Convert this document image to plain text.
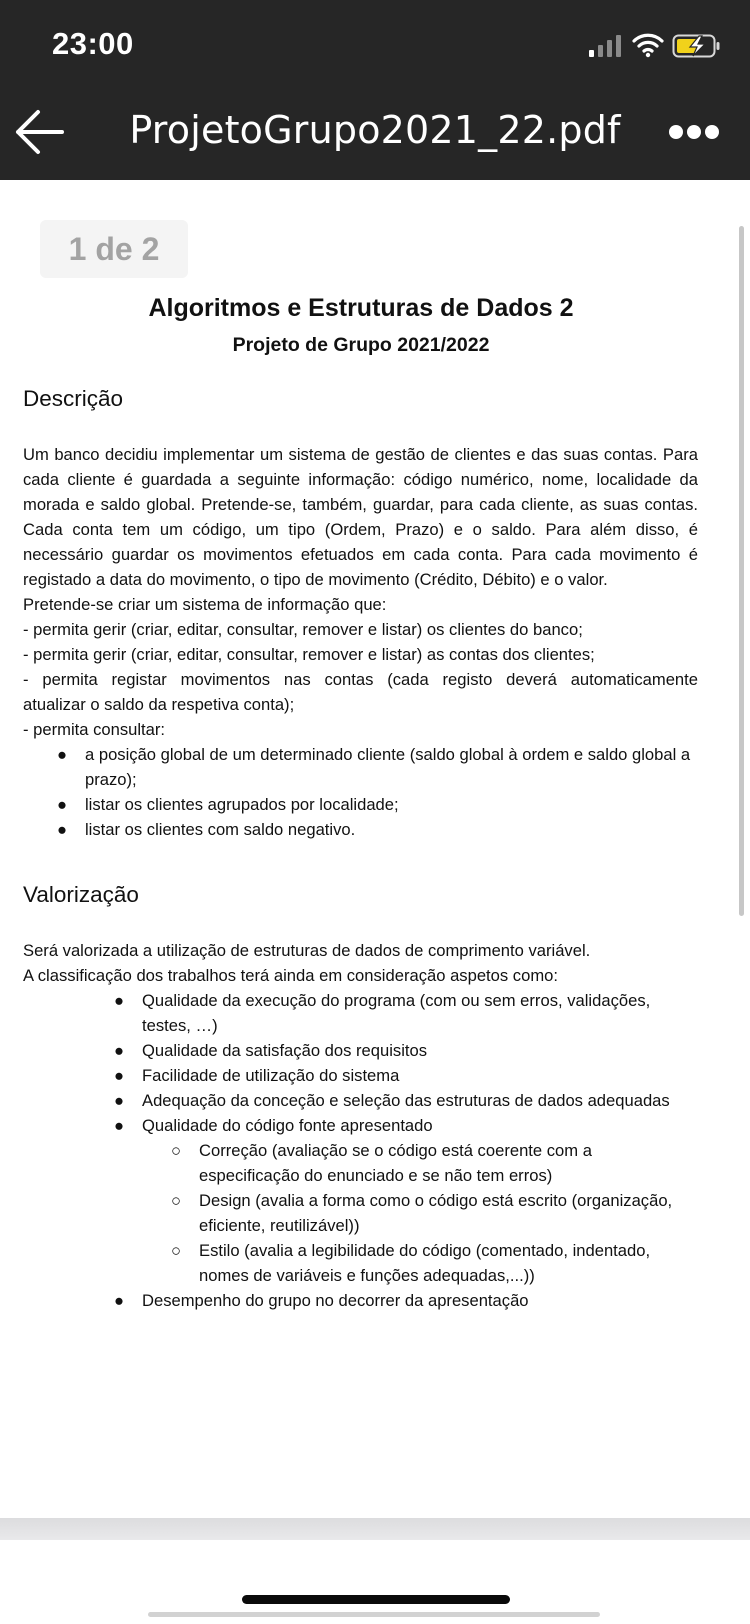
23:00
ProjetoGrupo2021_22.pdf
1 de 2
Algoritmos e Estruturas de Dados 2
Projeto de Grupo 2021/2022
Descrição

Um banco decidiu implementar um sistema de gestão de clientes e das suas contas. Para

cada cliente é guardada a seguinte informação: código numérico, nome, localidade da

morada e saldo global. Pretende-se, também, guardar, para cada cliente, as suas contas.

Cada conta tem um código, um tipo (Ordem, Prazo) e o saldo. Para além disso, é

necessário guardar os movimentos efetuados em cada conta. Para cada movimento é

registado a data do movimento, o tipo de movimento (Crédito, Débito) e o valor.

Pretende-se criar um sistema de informação que:

- permita gerir (criar, editar, consultar, remover e listar) os clientes do banco;

- permita gerir (criar, editar, consultar, remover e listar) as contas dos clientes;

- permita registar movimentos nas contas (cada registo deverá automaticamente

atualizar o saldo da respetiva conta);

- permita consultar:

● a posição global de um determinado cliente (saldo global à ordem e saldo global a prazo);
● listar os clientes agrupados por localidade;
● listar os clientes com saldo negativo.
Valorização

Será valorizada a utilização de estruturas de dados de comprimento variável.

A classificação dos trabalhos terá ainda em consideração aspetos como:

● Qualidade da execução do programa (com ou sem erros, validações, testes, …)
● Qualidade da satisfação dos requisitos
● Facilidade de utilização do sistema
● Adequação da conceção e seleção das estruturas de dados adequadas
● Qualidade do código fonte apresentado
○ Correção (avaliação se o código está coerente com a especificação do enunciado e se não tem erros)
○ Design (avalia a forma como o código está escrito (organização, eficiente, reutilizável))
○ Estilo (avalia a legibilidade do código (comentado, indentado, nomes de variáveis e funções adequadas,...))
● Desempenho do grupo no decorrer da apresentação
